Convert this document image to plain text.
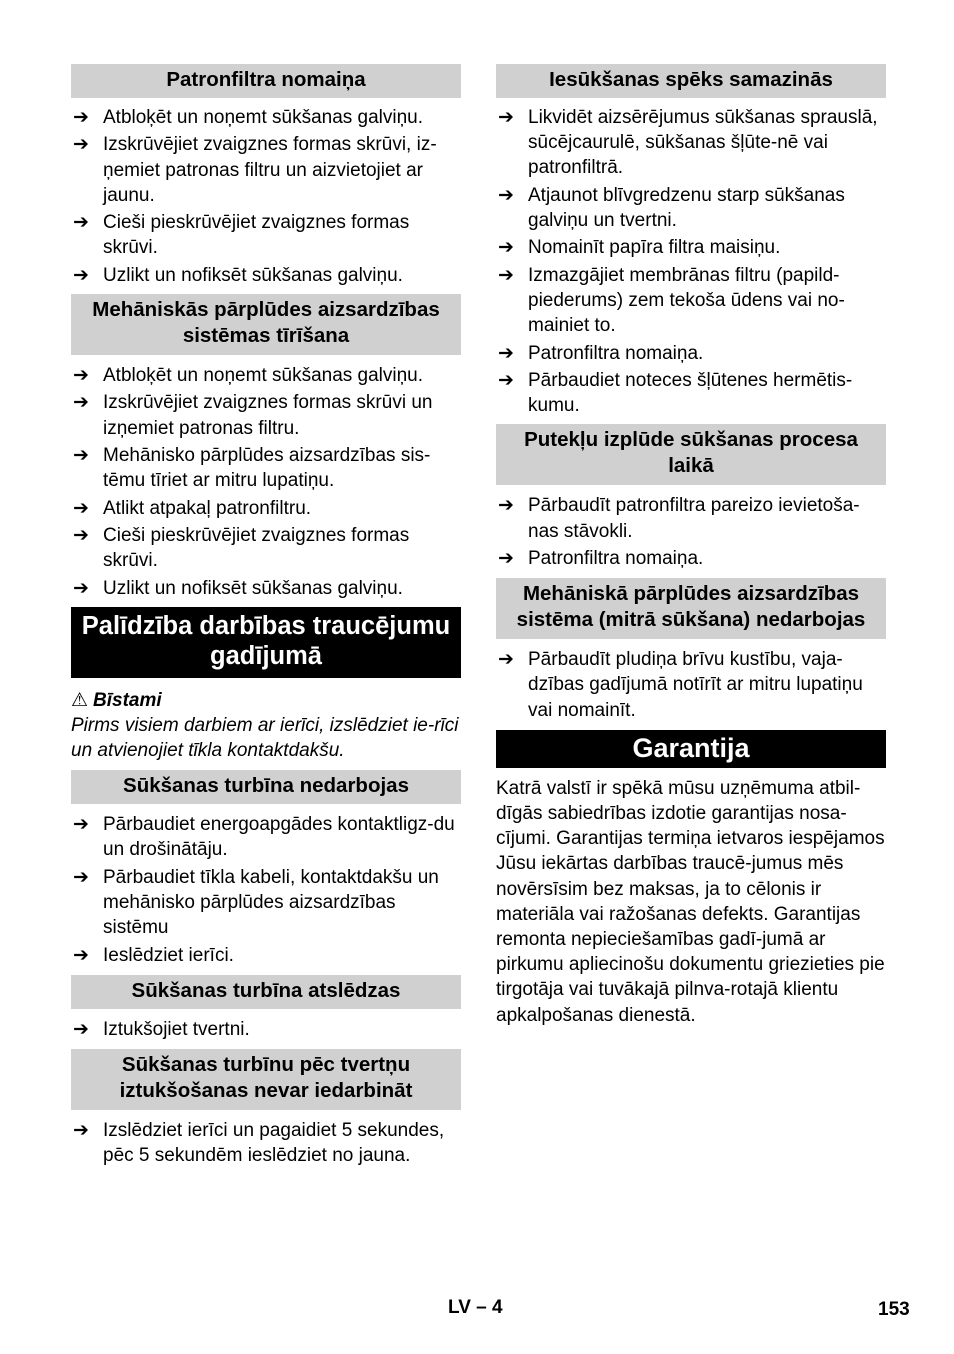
Patronfiltra nomaiņa
➔ Atbloķēt un noņemt sūkšanas galviņu.
➔ Izskrūvējiet zvaigznes formas skrūvi, iz-ņemiet patronas filtru un aizvietojiet ar jaunu.
➔ Cieši pieskrūvējiet zvaigznes formas skrūvi.
➔ Uzlikt un nofiksēt sūkšanas galviņu.
Mehāniskās pārplūdes aizsardzības sistēmas tīrīšana
➔ Atbloķēt un noņemt sūkšanas galviņu.
➔ Izskrūvējiet zvaigznes formas skrūvi un izņemiet patronas filtru.
➔ Mehānisko pārplūdes aizsardzības sis-tēmu tīriet ar mitru lupatiņu.
➔ Atlikt atpakaļ patronfiltru.
➔ Cieši pieskrūvējiet zvaigznes formas skrūvi.
➔ Uzlikt un nofiksēt sūkšanas galviņu.
Palīdzība darbības traucējumu gadījumā
⚠ Bīstami
Pirms visiem darbiem ar ierīci, izslēdziet ie-rīci un atvienojiet tīkla kontaktdakšu.
Sūkšanas turbīna nedarbojas
➔ Pārbaudiet energoapgādes kontaktligz-du un drošinātāju.
➔ Pārbaudiet tīkla kabeli, kontaktdakšu un mehānisko pārplūdes aizsardzības sistēmu
➔ Ieslēdziet ierīci.
Sūkšanas turbīna atslēdzas
➔ Iztukšojiet tvertni.
Sūkšanas turbīnu pēc tvertņu iztukšošanas nevar iedarbināt
➔ Izslēdziet ierīci un pagaidiet 5 sekundes, pēc 5 sekundēm ieslēdziet no jauna.
Iesūkšanas spēks samazinās
➔ Likvidēt aizsērējumus sūkšanas sprauslā, sūcējcaurulē, sūkšanas šļūte-nē vai patronfiltrā.
➔ Atjaunot blīvgredzenu starp sūkšanas galviņu un tvertni.
➔ Nomainīt papīra filtra maisiņu.
➔ Izmazgājiet membrānas filtru (papild-piederums) zem tekoša ūdens vai no-mainiet to.
➔ Patronfiltra nomaiņa.
➔ Pārbaudiet noteces šļūtenes hermētis-kumu.
Putekļu izplūde sūkšanas procesa laikā
➔ Pārbaudīt patronfiltra pareizo ievietoša-nas stāvokli.
➔ Patronfiltra nomaiņa.
Mehāniskā pārplūdes aizsardzības sistēma (mitrā sūkšana) nedarbojas
➔ Pārbaudīt pludiņa brīvu kustību, vaja-dzības gadījumā notīrīt ar mitru lupatiņu vai nomainīt.
Garantija
Katrā valstī ir spēkā mūsu uzņēmuma atbil-dīgās sabiedrības izdotie garantijas nosa-cījumi. Garantijas termiņa ietvaros iespējamos Jūsu iekārtas darbības traucē-jumus mēs novērsīsim bez maksas, ja to cēlonis ir materiāla vai ražošanas defekts. Garantijas remonta nepieciešamības gadī-jumā ar pirkumu apliecinošu dokumentu griezieties pie tirgotāja vai tuvākajā pilnva-rotajā klientu apkalpošanas dienestā.
LV – 4	153
